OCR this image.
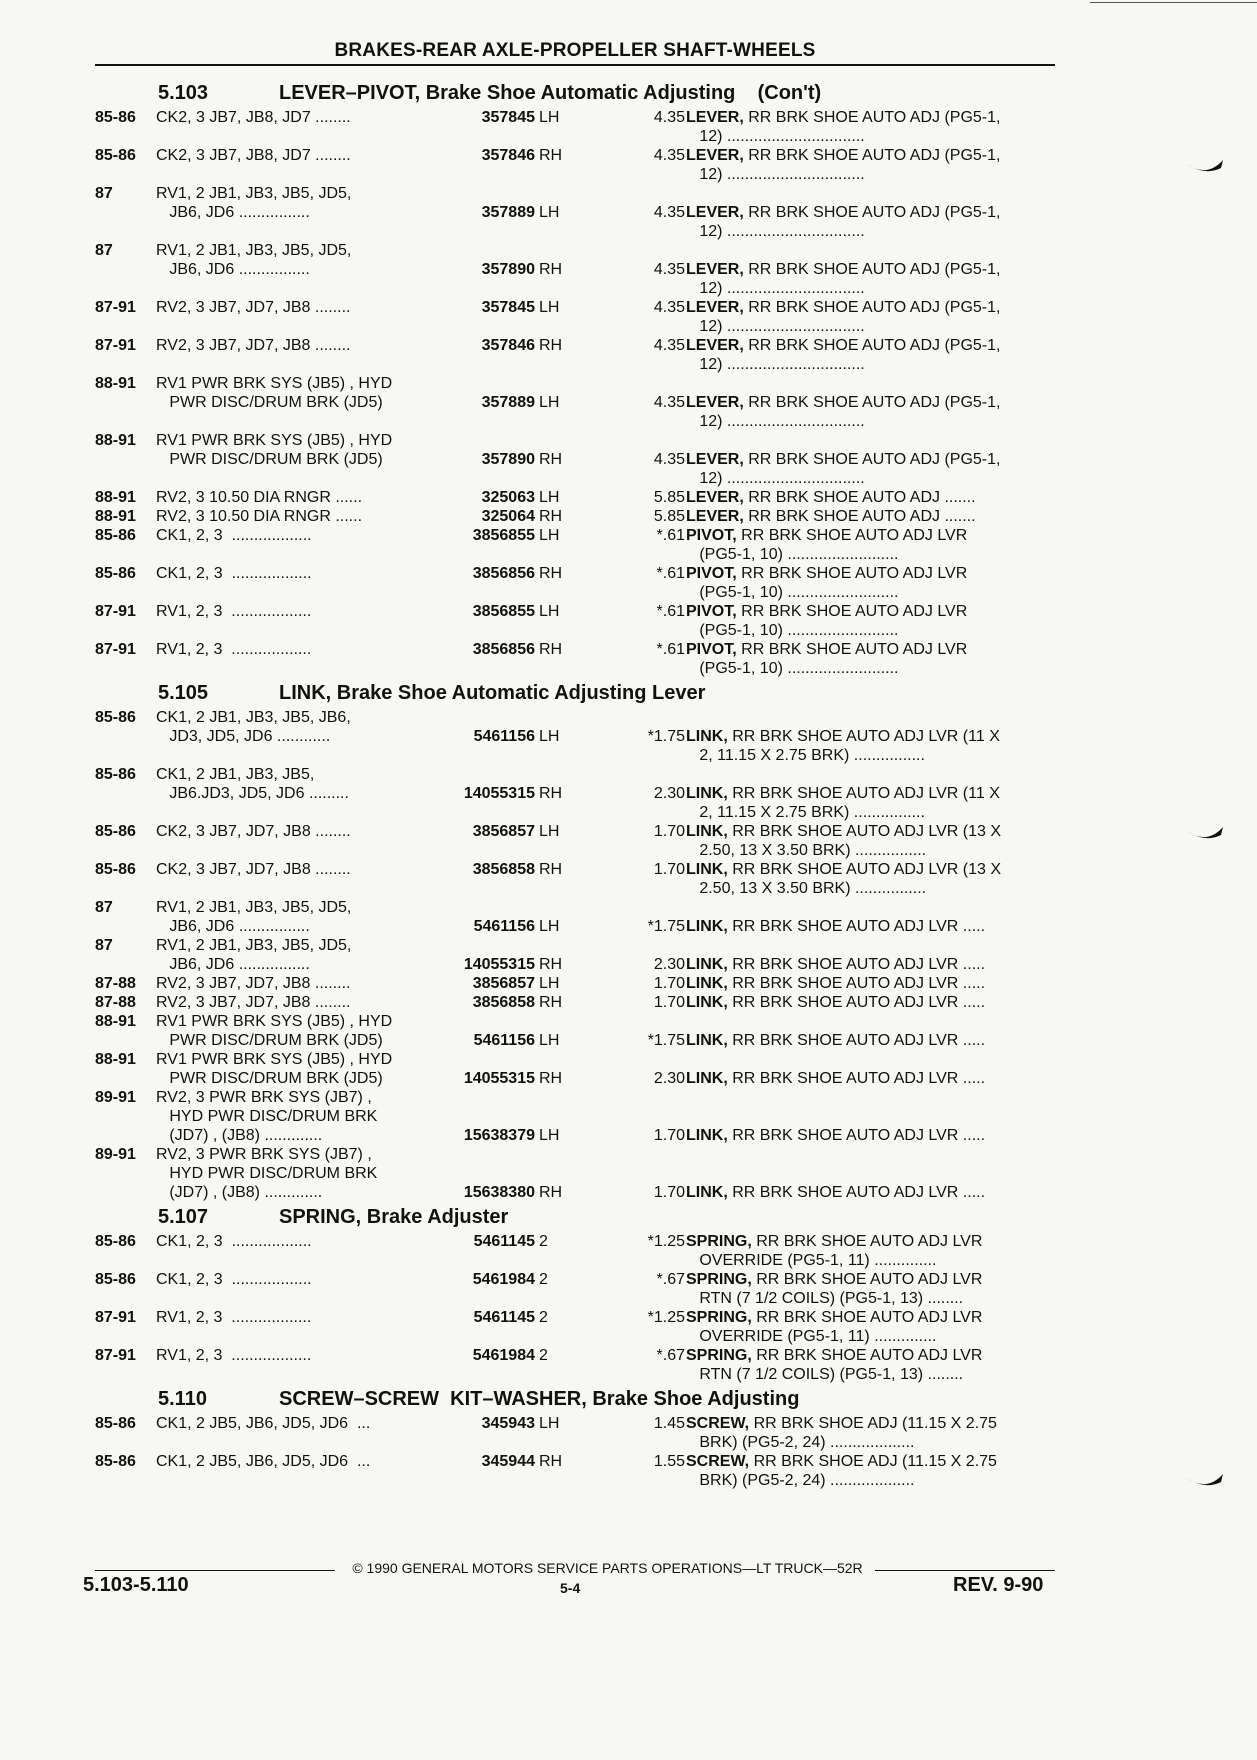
BRAKES-REAR AXLE-PROPELLER SHAFT-WHEELS
5.103	LEVER–PIVOT, Brake Shoe Automatic Adjusting    (Con't)
85-86	CK2, 3 JB7, JB8, JD7 ........	357845 LH	4.35 LEVER, RR BRK SHOE AUTO ADJ (PG5-1,
12) ...............................
85-86	CK2, 3 JB7, JB8, JD7 ........	357846 RH	4.35 LEVER, RR BRK SHOE AUTO ADJ (PG5-1,
12) ...............................
87	RV1, 2 JB1, JB3, JB5, JD5,
JB6, JD6 ................	357889 LH	4.35 LEVER, RR BRK SHOE AUTO ADJ (PG5-1,
12) ...............................
87	RV1, 2 JB1, JB3, JB5, JD5,
JB6, JD6 ................	357890 RH	4.35 LEVER, RR BRK SHOE AUTO ADJ (PG5-1,
12) ...............................
87-91	RV2, 3 JB7, JD7, JB8 ........	357845 LH	4.35 LEVER, RR BRK SHOE AUTO ADJ (PG5-1,
12) ...............................
87-91	RV2, 3 JB7, JD7, JB8 ........	357846 RH	4.35 LEVER, RR BRK SHOE AUTO ADJ (PG5-1,
12) ...............................
88-91	RV1 PWR BRK SYS (JB5) , HYD
PWR DISC/DRUM BRK (JD5)	357889 LH	4.35 LEVER, RR BRK SHOE AUTO ADJ (PG5-1,
12) ...............................
88-91	RV1 PWR BRK SYS (JB5) , HYD
PWR DISC/DRUM BRK (JD5)	357890 RH	4.35 LEVER, RR BRK SHOE AUTO ADJ (PG5-1,
12) ...............................
88-91	RV2, 3 10.50 DIA RNGR ......	325063 LH	5.85 LEVER, RR BRK SHOE AUTO ADJ .......
88-91	RV2, 3 10.50 DIA RNGR ......	325064 RH	5.85 LEVER, RR BRK SHOE AUTO ADJ .......
85-86	CK1, 2, 3  ..................	3856855 LH	*.61 PIVOT, RR BRK SHOE AUTO ADJ LVR
(PG5-1, 10) .........................
85-86	CK1, 2, 3  ..................	3856856 RH	*.61 PIVOT, RR BRK SHOE AUTO ADJ LVR
(PG5-1, 10) .........................
87-91	RV1, 2, 3  ..................	3856855 LH	*.61 PIVOT, RR BRK SHOE AUTO ADJ LVR
(PG5-1, 10) .........................
87-91	RV1, 2, 3  ..................	3856856 RH	*.61 PIVOT, RR BRK SHOE AUTO ADJ LVR
(PG5-1, 10) .........................
5.105	LINK, Brake Shoe Automatic Adjusting Lever
85-86	CK1, 2 JB1, JB3, JB5, JB6,
JD3, JD5, JD6 ............	5461156 LH	*1.75 LINK, RR BRK SHOE AUTO ADJ LVR (11 X
2, 11.15 X 2.75 BRK) ................
85-86	CK1, 2 JB1, JB3, JB5,
JB6.JD3, JD5, JD6 .........	14055315 RH	2.30 LINK, RR BRK SHOE AUTO ADJ LVR (11 X
2, 11.15 X 2.75 BRK) ................
85-86	CK2, 3 JB7, JD7, JB8 ........	3856857 LH	1.70 LINK, RR BRK SHOE AUTO ADJ LVR (13 X
2.50, 13 X 3.50 BRK) ................
85-86	CK2, 3 JB7, JD7, JB8 ........	3856858 RH	1.70 LINK, RR BRK SHOE AUTO ADJ LVR (13 X
2.50, 13 X 3.50 BRK) ................
87	RV1, 2 JB1, JB3, JB5, JD5,
JB6, JD6 ................	5461156 LH	*1.75 LINK, RR BRK SHOE AUTO ADJ LVR .....
87	RV1, 2 JB1, JB3, JB5, JD5,
JB6, JD6 ................	14055315 RH	2.30 LINK, RR BRK SHOE AUTO ADJ LVR .....
87-88	RV2, 3 JB7, JD7, JB8 ........	3856857 LH	1.70 LINK, RR BRK SHOE AUTO ADJ LVR .....
87-88	RV2, 3 JB7, JD7, JB8 ........	3856858 RH	1.70 LINK, RR BRK SHOE AUTO ADJ LVR .....
88-91	RV1 PWR BRK SYS (JB5) , HYD
PWR DISC/DRUM BRK (JD5)	5461156 LH	*1.75 LINK, RR BRK SHOE AUTO ADJ LVR .....
88-91	RV1 PWR BRK SYS (JB5) , HYD
PWR DISC/DRUM BRK (JD5)	14055315 RH	2.30 LINK, RR BRK SHOE AUTO ADJ LVR .....
89-91	RV2, 3 PWR BRK SYS (JB7) ,
HYD PWR DISC/DRUM BRK
(JD7) , (JB8) .............	15638379 LH	1.70 LINK, RR BRK SHOE AUTO ADJ LVR .....
89-91	RV2, 3 PWR BRK SYS (JB7) ,
HYD PWR DISC/DRUM BRK
(JD7) , (JB8) .............	15638380 RH	1.70 LINK, RR BRK SHOE AUTO ADJ LVR .....
5.107	SPRING, Brake Adjuster
85-86	CK1, 2, 3  ..................	5461145 2	*1.25 SPRING, RR BRK SHOE AUTO ADJ LVR
OVERRIDE (PG5-1, 11) ..............
85-86	CK1, 2, 3  ..................	5461984 2	*.67 SPRING, RR BRK SHOE AUTO ADJ LVR
RTN (7 1/2 COILS) (PG5-1, 13) ........
87-91	RV1, 2, 3  ..................	5461145 2	*1.25 SPRING, RR BRK SHOE AUTO ADJ LVR
OVERRIDE (PG5-1, 11) ..............
87-91	RV1, 2, 3  ..................	5461984 2	*.67 SPRING, RR BRK SHOE AUTO ADJ LVR
RTN (7 1/2 COILS) (PG5-1, 13) ........
5.110	SCREW–SCREW  KIT–WASHER, Brake Shoe Adjusting
85-86	CK1, 2 JB5, JB6, JD5, JD6  ...	345943 LH	1.45 SCREW, RR BRK SHOE ADJ (11.15 X 2.75
BRK) (PG5-2, 24) ...................
85-86	CK1, 2 JB5, JB6, JD5, JD6  ...	345944 RH	1.55 SCREW, RR BRK SHOE ADJ (11.15 X 2.75
BRK) (PG5-2, 24) ...................
© 1990 GENERAL MOTORS SERVICE PARTS OPERATIONS—LT TRUCK—52R
5.103-5.110	5-4	REV. 9-90
